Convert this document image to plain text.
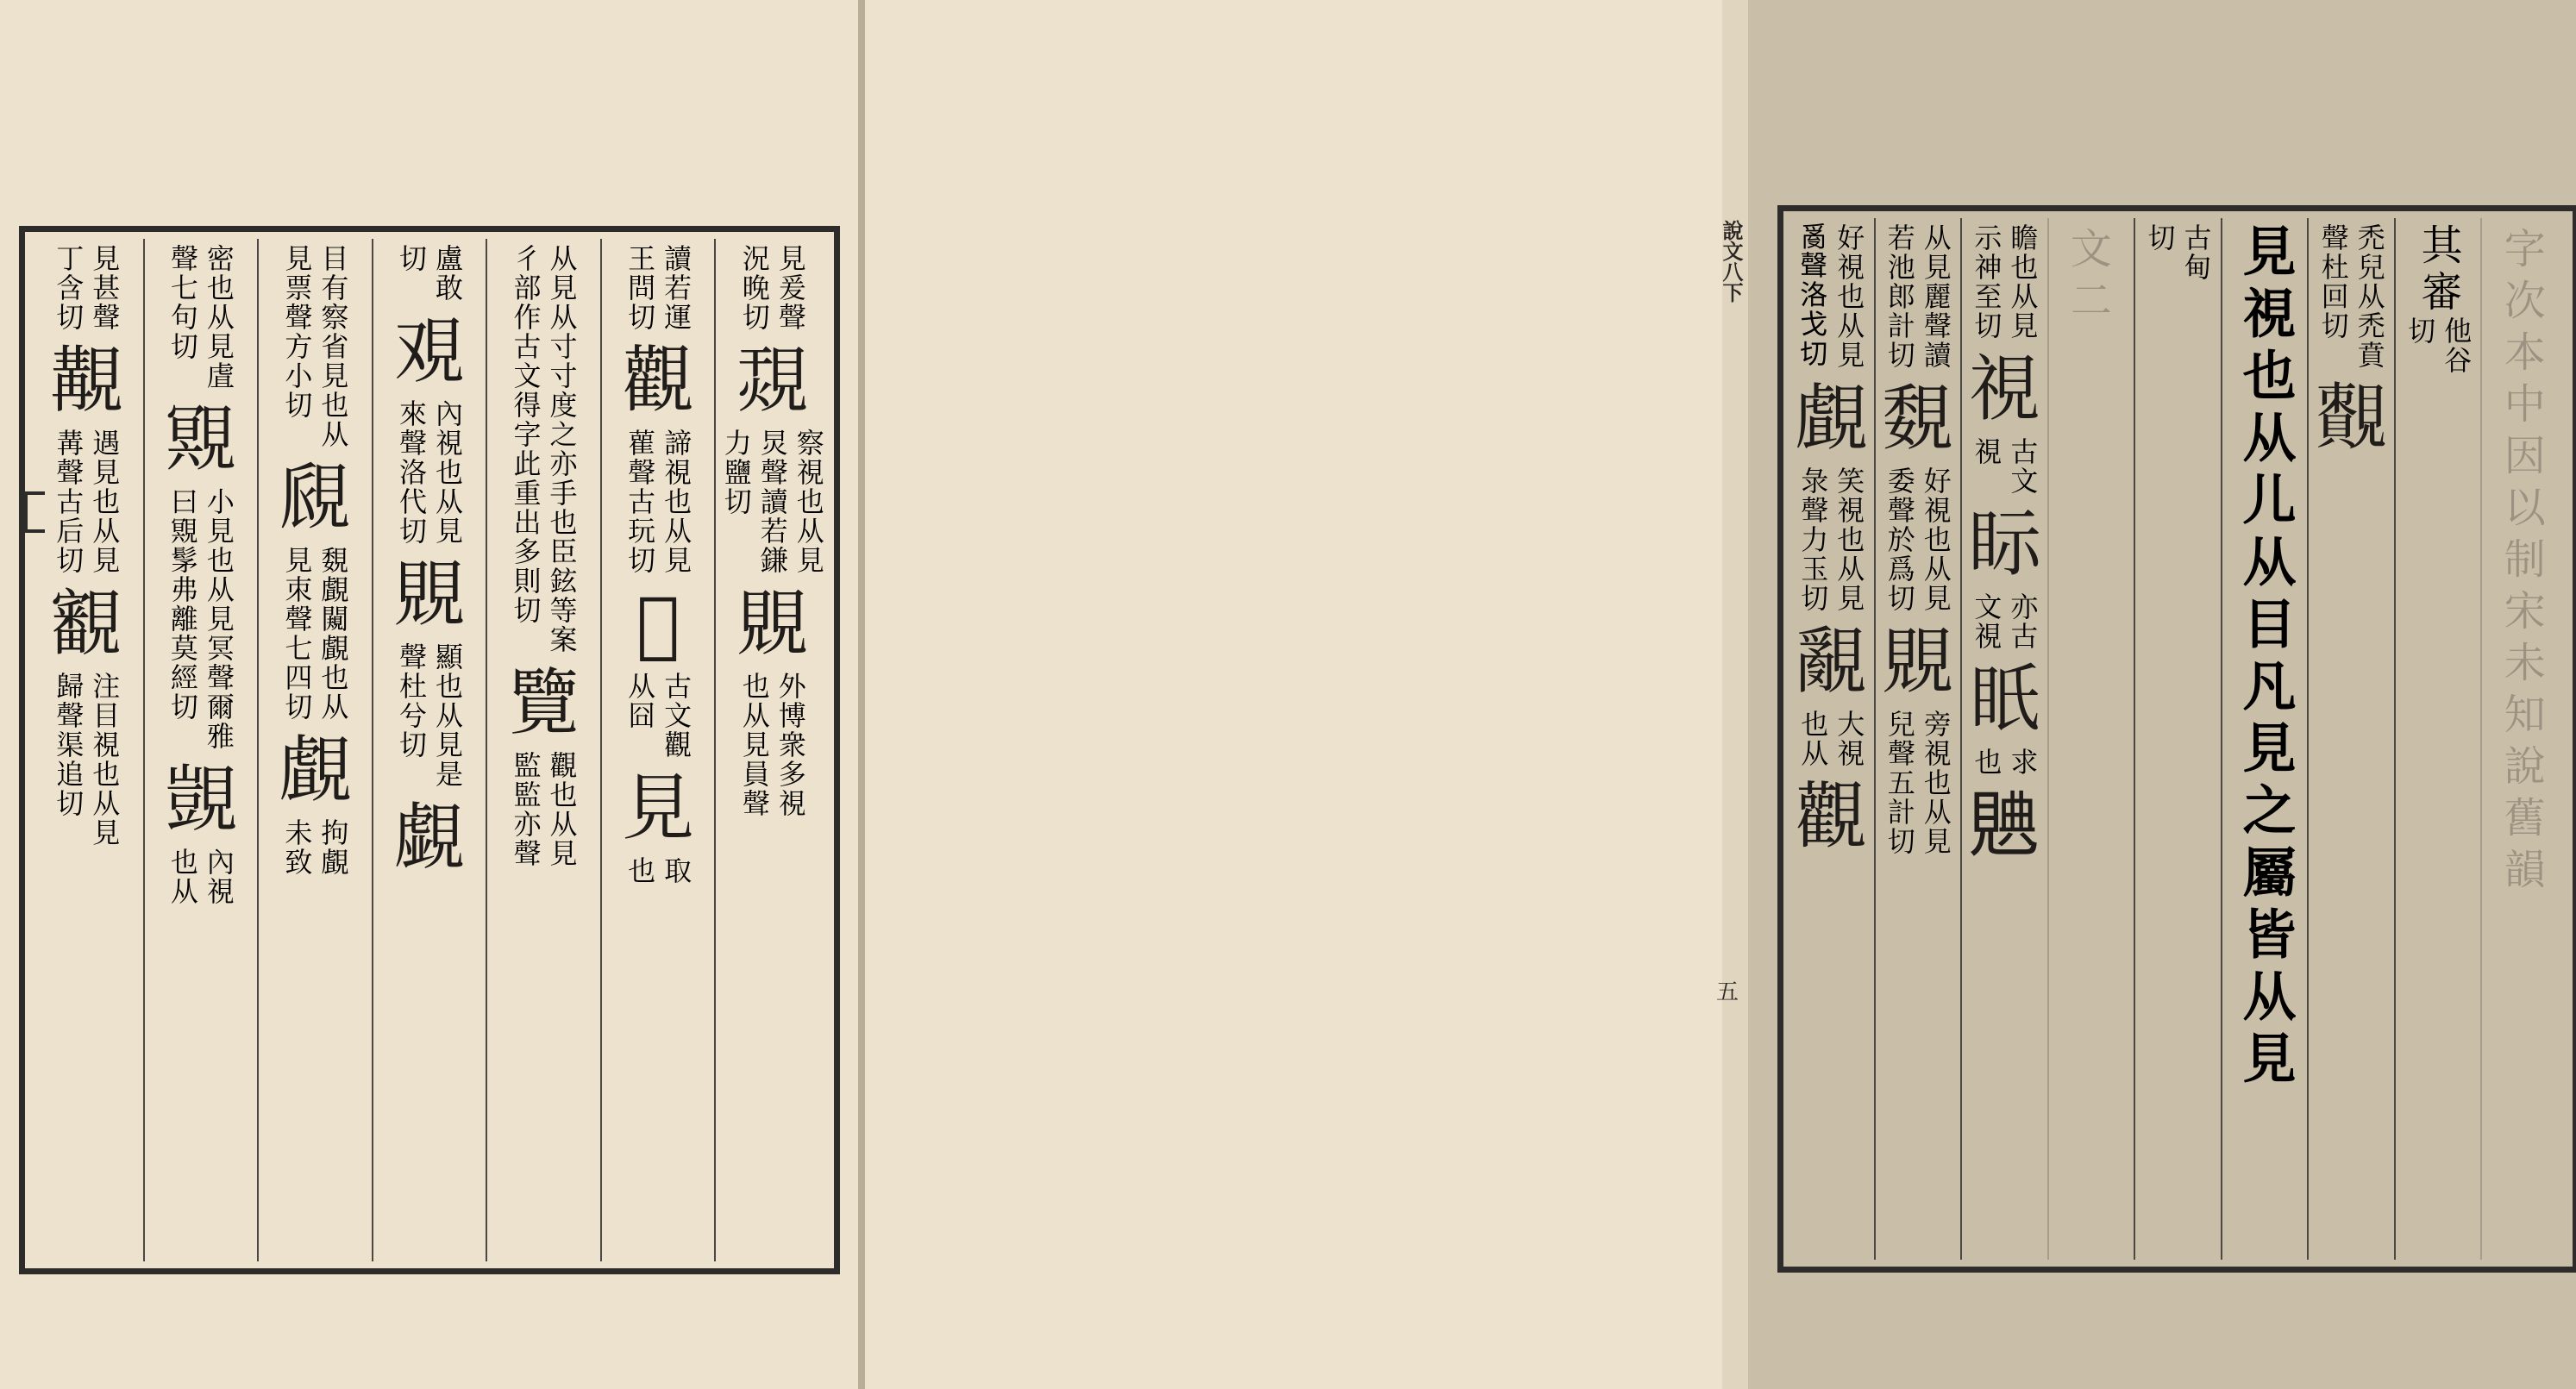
見爰聲
況晚切
覝
察視也从見
炅聲讀若鎌
力鹽切
覞
外博衆多視
也从見員聲
讀若運
王問切
觀
諦視也从見
雚聲古玩切
𥋬
古文觀
从囧
見
取
也
从見从寸寸度之亦手也臣鉉等案
彳部作古文得字此重出多則切
覽
觀也从見
監監亦聲
盧敢
切
覌
內視也从見
來聲洛代切
覞
顯也从見是
聲杜兮切
覷
目有察省見也从
見票聲方小切
覛
覣覰闚覰也从
見朿聲七四切
覰
拘覰
未致
密也从見虘
聲七句切
覭
小見也从見冥聲爾雅
曰覭髳弗離莫經切
覬
內視
也从
見甚聲
丁含切
覯
遇見也从見
冓聲古后切
覾
注目視也从見
歸聲渠追切
字
次
本
中
因
以
制
宋
未
知
說
舊
韻
其審
他谷
切
禿兒从禿賁
聲杜回切
𧢔
見視也从儿从目凡見之屬皆从見
古甸
切
文
二
瞻也从見
示神至切
視
古文
視
眎
亦古
文視
眂
求
也
𧡝
从見麗聲讀
若池郎計切
覣
好視也从見
委聲於爲切
覞
旁視也从見
兒聲五計切
好視也从見
𤔔聲洛戈切
覰
笑視也从見
彔聲力玉切
覶
大視
也从
觀
說文八下
五
